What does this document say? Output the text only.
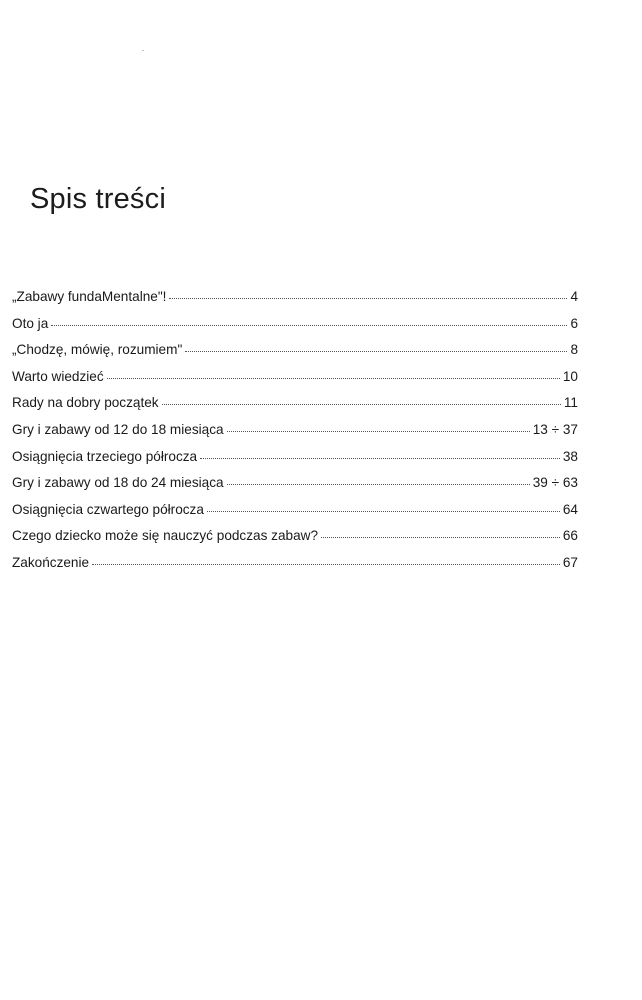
Spis treści
„Zabawy fundaMentalne"!	4
Oto ja	6
„Chodzę, mówię, rozumiem"	8
Warto wiedzieć	10
Rady na dobry początek	11
Gry i zabawy od 12 do 18 miesiąca	13 ÷ 37
Osiągnięcia trzeciego półrocza	38
Gry i zabawy od 18 do 24 miesiąca	39 ÷ 63
Osiągnięcia czwartego półrocza	64
Czego dziecko może się nauczyć podczas zabaw?	66
Zakończenie	67
